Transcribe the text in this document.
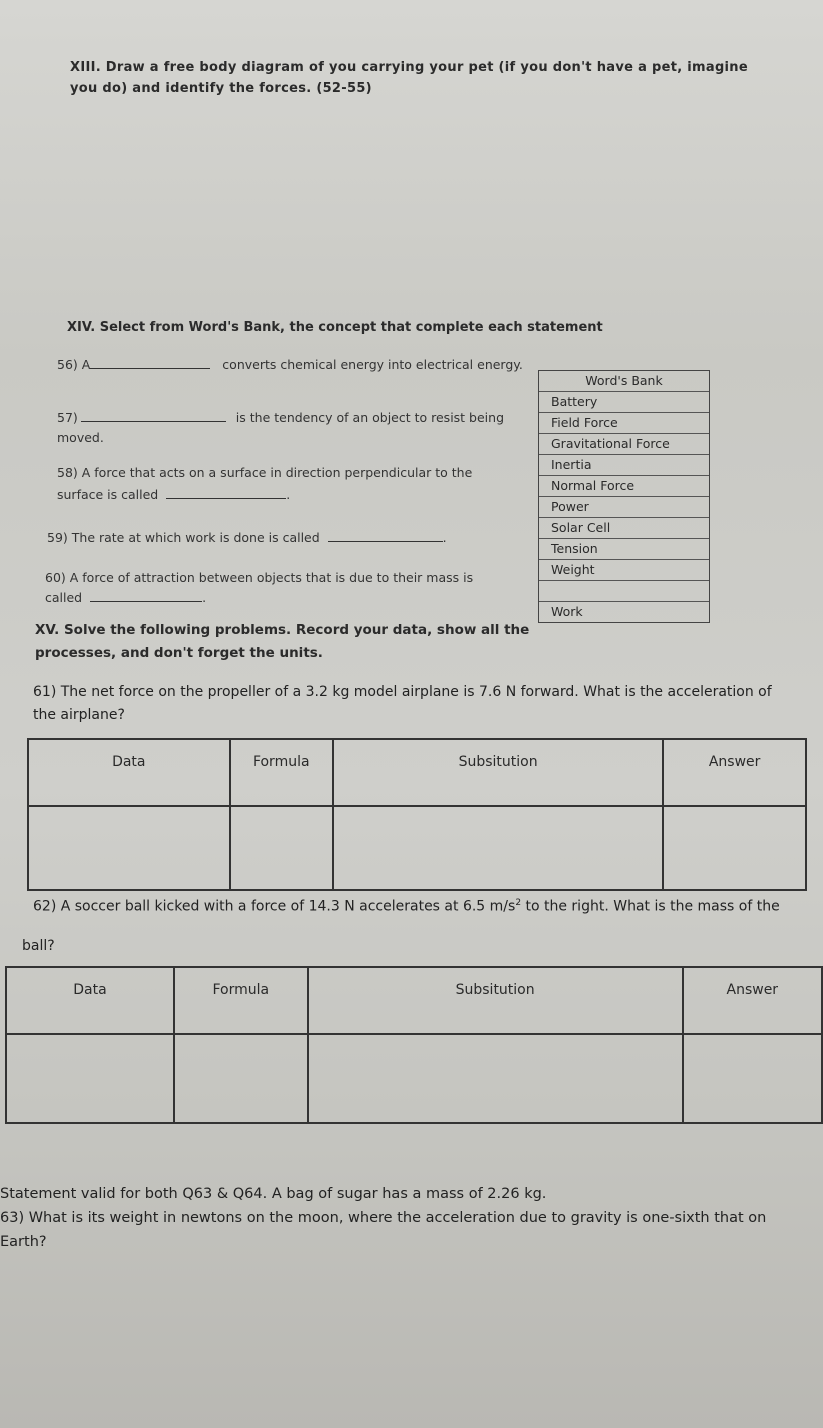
XIII. Draw a free body diagram of you carrying your pet (if you don't have a pet, imagine
you do) and identify the forces. (52-55)
XIV. Select from Word's Bank, the concept that complete each statement
56) A	converts chemical energy into electrical energy.
57)	is the tendency of an object to resist being
moved.
58) A force that acts on a surface in direction perpendicular to the
surface is called	.
59) The rate at which work is done is called	.
60) A force of attraction between objects that is due to their mass is
called	.
Word's Bank
Battery
Field Force
Gravitational Force
Inertia
Normal Force
Power
Solar Cell
Tension
Weight
Work
XV. Solve the following problems. Record your data, show all the
processes, and don't forget the units.
61) The net force on the propeller of a 3.2 kg model airplane is 7.6 N forward. What is the acceleration of
the airplane?
Data	Formula	Subsitution	Answer

62) A soccer ball kicked with a force of 14.3 N accelerates at 6.5 $m/s^2$ to the right. What is the mass of the
ball?
Data	Formula	Subsitution	Answer

Statement valid for both Q63 & Q64. A bag of sugar has a mass of 2.26 kg.
63) What is its weight in newtons on the moon, where the acceleration due to gravity is one-sixth that on
Earth?
